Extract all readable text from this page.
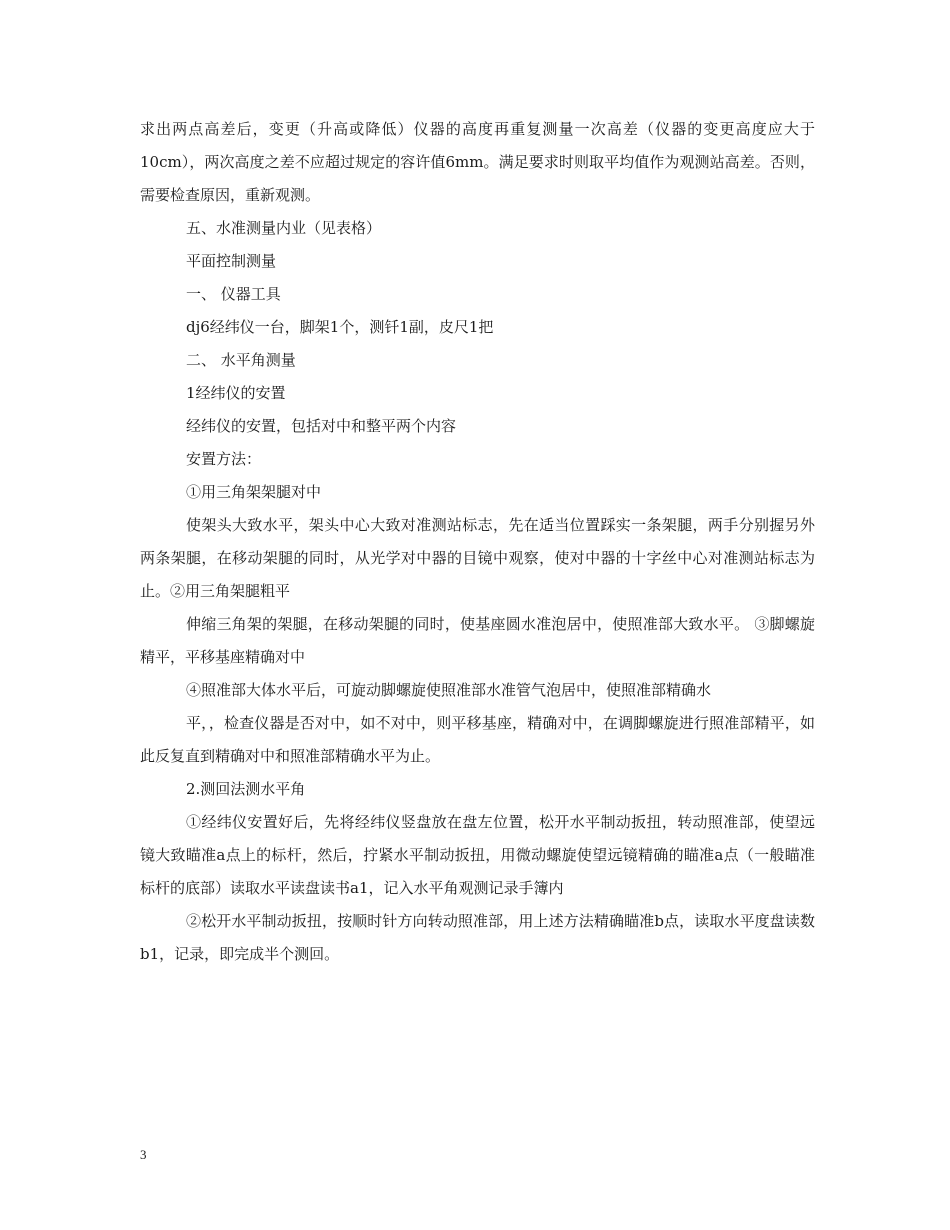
求出两点高差后，变更（升高或降低）仪器的高度再重复测量一次高差（仪器的变更高度应大于10cm），两次高度之差不应超过规定的容许值6mm。满足要求时则取平均值作为观测站高差。否则，需要检查原因，重新观测。

五、水准测量内业（见表格）

平面控制测量

一、 仪器工具

dj6经纬仪一台，脚架1个，测钎1副，皮尺1把

二、 水平角测量

1经纬仪的安置

经纬仪的安置，包括对中和整平两个内容

安置方法：

①用三角架架腿对中

使架头大致水平，架头中心大致对准测站标志，先在适当位置踩实一条架腿，两手分别握另外两条架腿，在移动架腿的同时，从光学对中器的目镜中观察，使对中器的十字丝中心对准测站标志为止。②用三角架腿粗平

伸缩三角架的架腿，在移动架腿的同时，使基座圆水准泡居中，使照准部大致水平。 ③脚螺旋精平，平移基座精确对中

④照准部大体水平后，可旋动脚螺旋使照准部水准管气泡居中，使照准部精确水

平，，检查仪器是否对中，如不对中，则平移基座，精确对中，在调脚螺旋进行照准部精平，如此反复直到精确对中和照准部精确水平为止。

2.测回法测水平角

①经纬仪安置好后，先将经纬仪竖盘放在盘左位置，松开水平制动扳扭，转动照准部，使望远镜大致瞄准a点上的标杆，然后，拧紧水平制动扳扭，用微动螺旋使望远镜精确的瞄准a点（一般瞄准标杆的底部）读取水平读盘读书a1，记入水平角观测记录手簿内

②松开水平制动扳扭，按顺时针方向转动照准部，用上述方法精确瞄准b点，读取水平度盘读数b1，记录，即完成半个测回。

3
